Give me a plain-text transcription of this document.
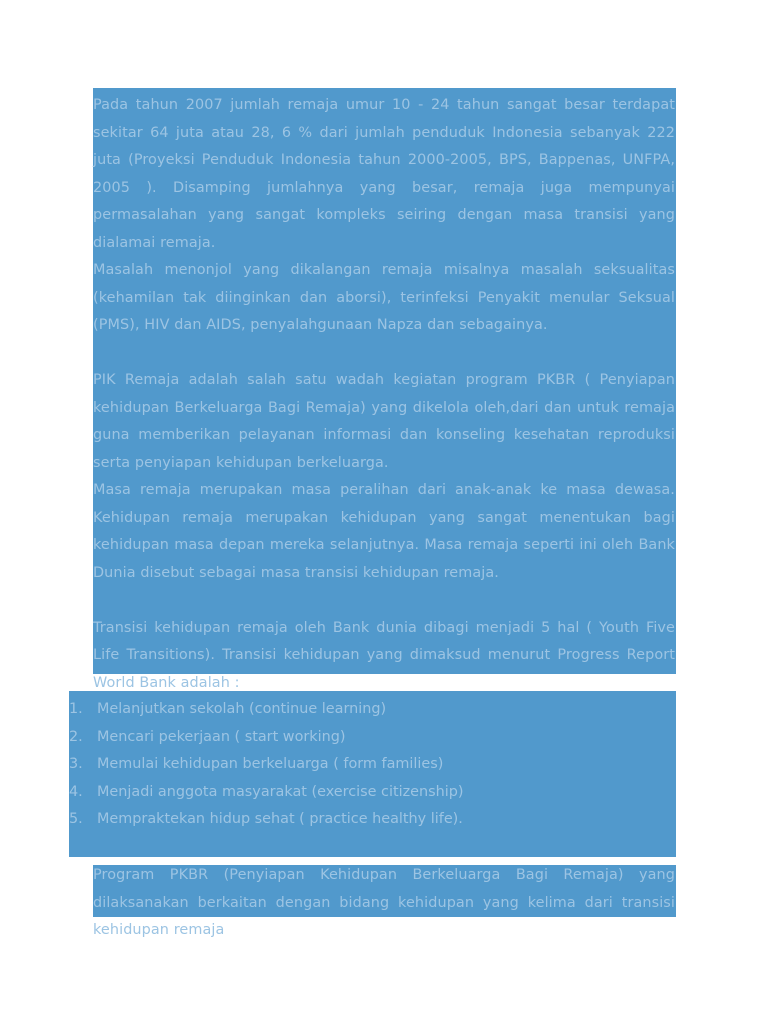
Pada tahun 2007 jumlah remaja umur 10 - 24 tahun sangat besar terdapat sekitar 64 juta atau 28, 6 % dari jumlah penduduk Indonesia sebanyak 222 juta (Proyeksi Penduduk Indonesia tahun 2000-2005, BPS, Bappenas, UNFPA, 2005 ). Disamping jumlahnya yang besar, remaja juga mempunyai permasalahan yang sangat kompleks seiring dengan masa transisi yang dialamai remaja.

Masalah menonjol yang dikalangan remaja misalnya masalah seksualitas (kehamilan tak diinginkan dan aborsi), terinfeksi Penyakit menular Seksual (PMS), HIV dan AIDS, penyalahgunaan Napza dan sebagainya.

PIK Remaja adalah salah satu wadah kegiatan program PKBR ( Penyiapan kehidupan Berkeluarga Bagi Remaja) yang dikelola oleh,dari dan untuk remaja guna memberikan pelayanan informasi dan konseling kesehatan reproduksi serta penyiapan kehidupan berkeluarga.

Masa remaja merupakan masa peralihan dari anak-anak ke masa dewasa. Kehidupan remaja merupakan kehidupan yang sangat menentukan bagi kehidupan masa depan mereka selanjutnya. Masa remaja seperti ini oleh Bank Dunia disebut sebagai masa transisi kehidupan remaja.

Transisi kehidupan remaja oleh Bank dunia dibagi menjadi 5 hal ( Youth Five Life Transitions). Transisi kehidupan yang dimaksud menurut Progress Report World Bank adalah :

1. Melanjutkan sekolah (continue learning)
2. Mencari pekerjaan ( start working)
3. Memulai kehidupan berkeluarga ( form families)
4. Menjadi anggota masyarakat (exercise citizenship)
5. Mempraktekan hidup sehat ( practice healthy life).

Program PKBR (Penyiapan Kehidupan Berkeluarga Bagi Remaja) yang dilaksanakan berkaitan dengan bidang kehidupan yang kelima dari transisi kehidupan remaja
